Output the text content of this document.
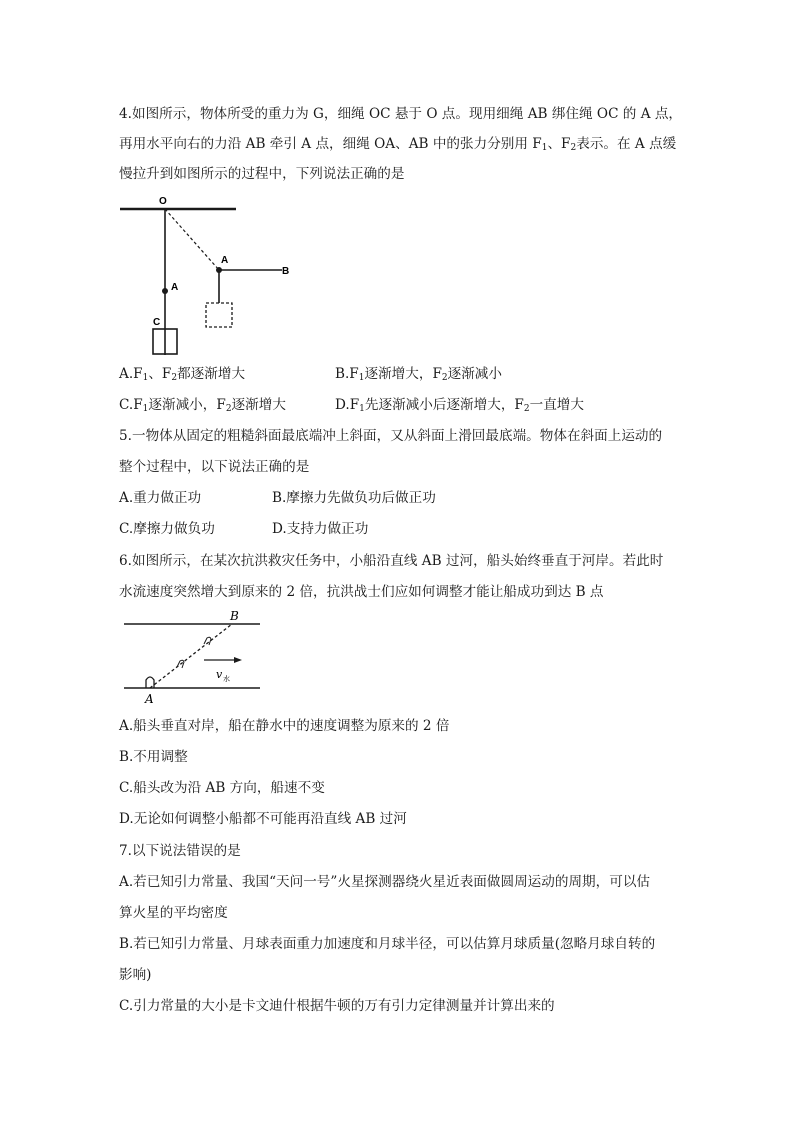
4.如图所示，物体所受的重力为 G，细绳 OC 悬于 O 点。现用细绳 AB 绑住绳 OC 的 A 点，
再用水平向右的力沿 AB 牵引 A 点，细绳 OA、AB 中的张力分别用 $F_1$、$F_2$表示。在 A 点缓
慢拉升到如图所示的过程中，下列说法正确的是
O
A
C
A
B
$A.F_1$、$F_2$都逐渐增大	$B.F_1$逐渐增大，$F_2$逐渐减小
$C.F_1$逐渐减小，$F_2$逐渐增大	$D.F_1$先逐渐减小后逐渐增大，$F_2$一直增大
5.一物体从固定的粗糙斜面最底端冲上斜面，又从斜面上滑回最底端。物体在斜面上运动的
整个过程中，以下说法正确的是
A.重力做正功	B.摩擦力先做负功后做正功
C.摩擦力做负功	D.支持力做正功
6.如图所示，在某次抗洪救灾任务中，小船沿直线 AB 过河，船头始终垂直于河岸。若此时
水流速度突然增大到原来的 2 倍，抗洪战士们应如何调整才能让船成功到达 B 点
A
B
v 水
A.船头垂直对岸，船在静水中的速度调整为原来的 2 倍
B.不用调整
C.船头改为沿 AB 方向，船速不变
D.无论如何调整小船都不可能再沿直线 AB 过河
7.以下说法错误的是
A.若已知引力常量、我国“天问一号”火星探测器绕火星近表面做圆周运动的周期，可以估
算火星的平均密度
B.若已知引力常量、月球表面重力加速度和月球半径，可以估算月球质量(忽略月球自转的
影响)
C.引力常量的大小是卡文迪什根据牛顿的万有引力定律测量并计算出来的
